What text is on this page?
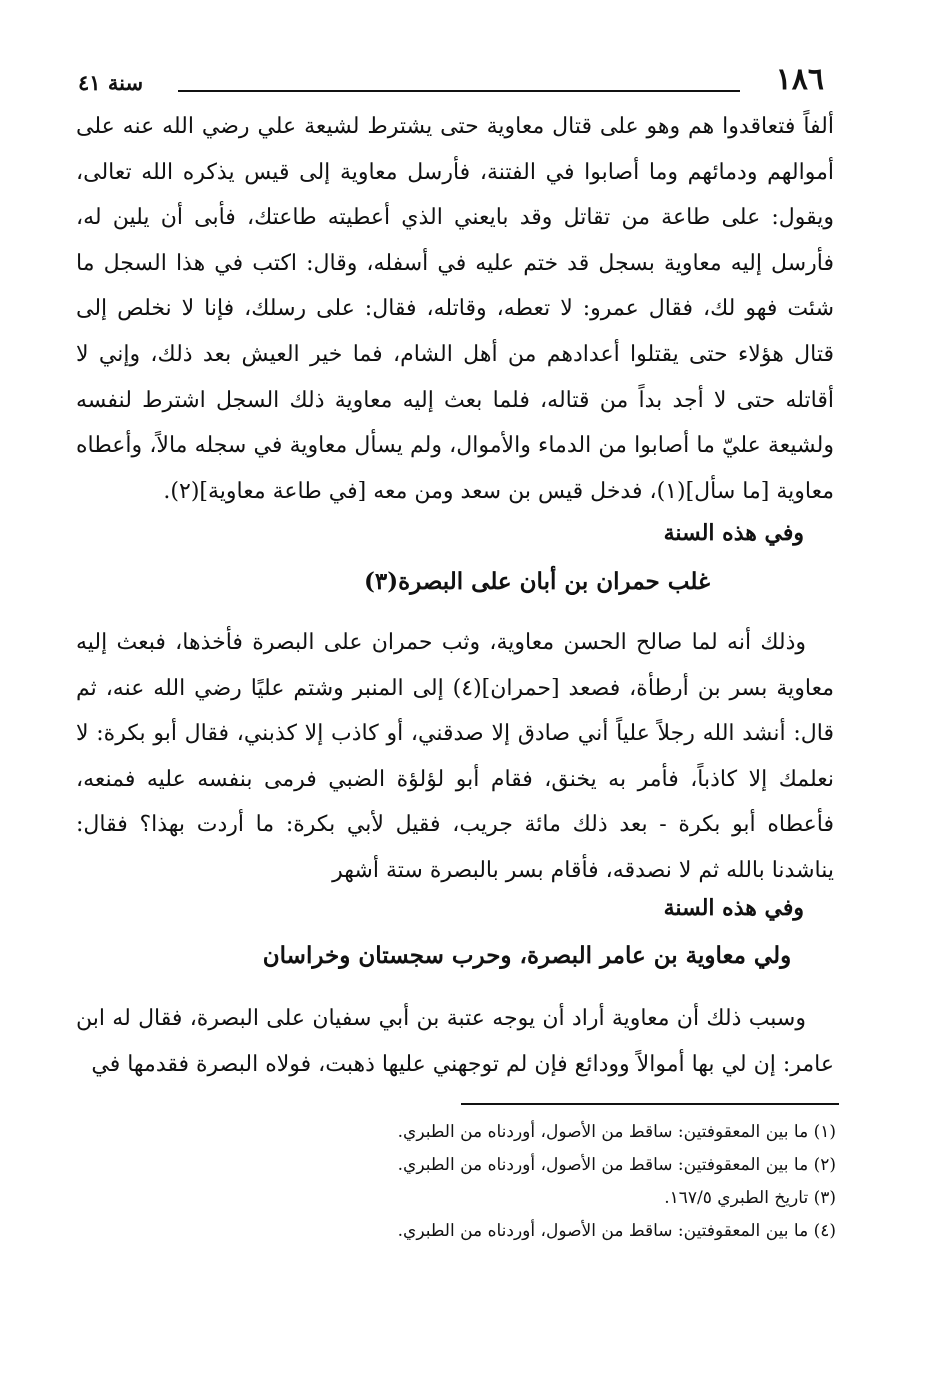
١٨٦
سنة ٤١

ألفاً فتعاقدوا هم وهو على قتال معاوية حتى يشترط لشيعة علي رضي الله عنه على أموالهم ودمائهم وما أصابوا في الفتنة، فأرسل معاوية إلى قيس يذكره الله تعالى، ويقول: على طاعة من تقاتل وقد بايعني الذي أعطيته طاعتك، فأبى أن يلين له، فأرسل إليه معاوية بسجل قد ختم عليه في أسفله، وقال: اكتب في هذا السجل ما شئت فهو لك، فقال عمرو: لا تعطه، وقاتله، فقال: على رسلك، فإنا لا نخلص إلى قتال هؤلاء حتى يقتلوا أعدادهم من أهل الشام، فما خير العيش بعد ذلك، وإني لا أقاتله حتى لا أجد بداً من قتاله، فلما بعث إليه معاوية ذلك السجل اشترط لنفسه ولشيعة عليّ ما أصابوا من الدماء والأموال، ولم يسأل معاوية في سجله مالاً، وأعطاه معاوية [ما سأل](١)، فدخل قيس بن سعد ومن معه [في طاعة معاوية](٢).

وفي هذه السنة
غلب حمران بن أبان على البصرة(٣)

وذلك أنه لما صالح الحسن معاوية، وثب حمران على البصرة فأخذها، فبعث إليه معاوية بسر بن أرطأة، فصعد [حمران](٤) إلى المنبر وشتم عليًا رضي الله عنه، ثم قال: أنشد الله رجلاً علياً أني صادق إلا صدقني، أو كاذب إلا كذبني، فقال أبو بكرة: لا نعلمك إلا كاذباً، فأمر به يخنق، فقام أبو لؤلؤة الضبي فرمى بنفسه عليه فمنعه، فأعطاه أبو بكرة - بعد ذلك مائة جريب، فقيل لأبي بكرة: ما أردت بهذا؟ فقال: يناشدنا بالله ثم لا نصدقه، فأقام بسر بالبصرة ستة أشهر

وفي هذه السنة
ولي معاوية بن عامر البصرة، وحرب سجستان وخراسان

وسبب ذلك أن معاوية أراد أن يوجه عتبة بن أبي سفيان على البصرة، فقال له ابن عامر: إن لي بها أموالاً وودائع فإن لم توجهني عليها ذهبت، فولاه البصرة فقدمها في

(١) ما بين المعقوفتين: ساقط من الأصول، أوردناه من الطبري.

(٢) ما بين المعقوفتين: ساقط من الأصول، أوردناه من الطبري.

(٣) تاريخ الطبري ١٦٧/٥.

(٤) ما بين المعقوفتين: ساقط من الأصول، أوردناه من الطبري.
